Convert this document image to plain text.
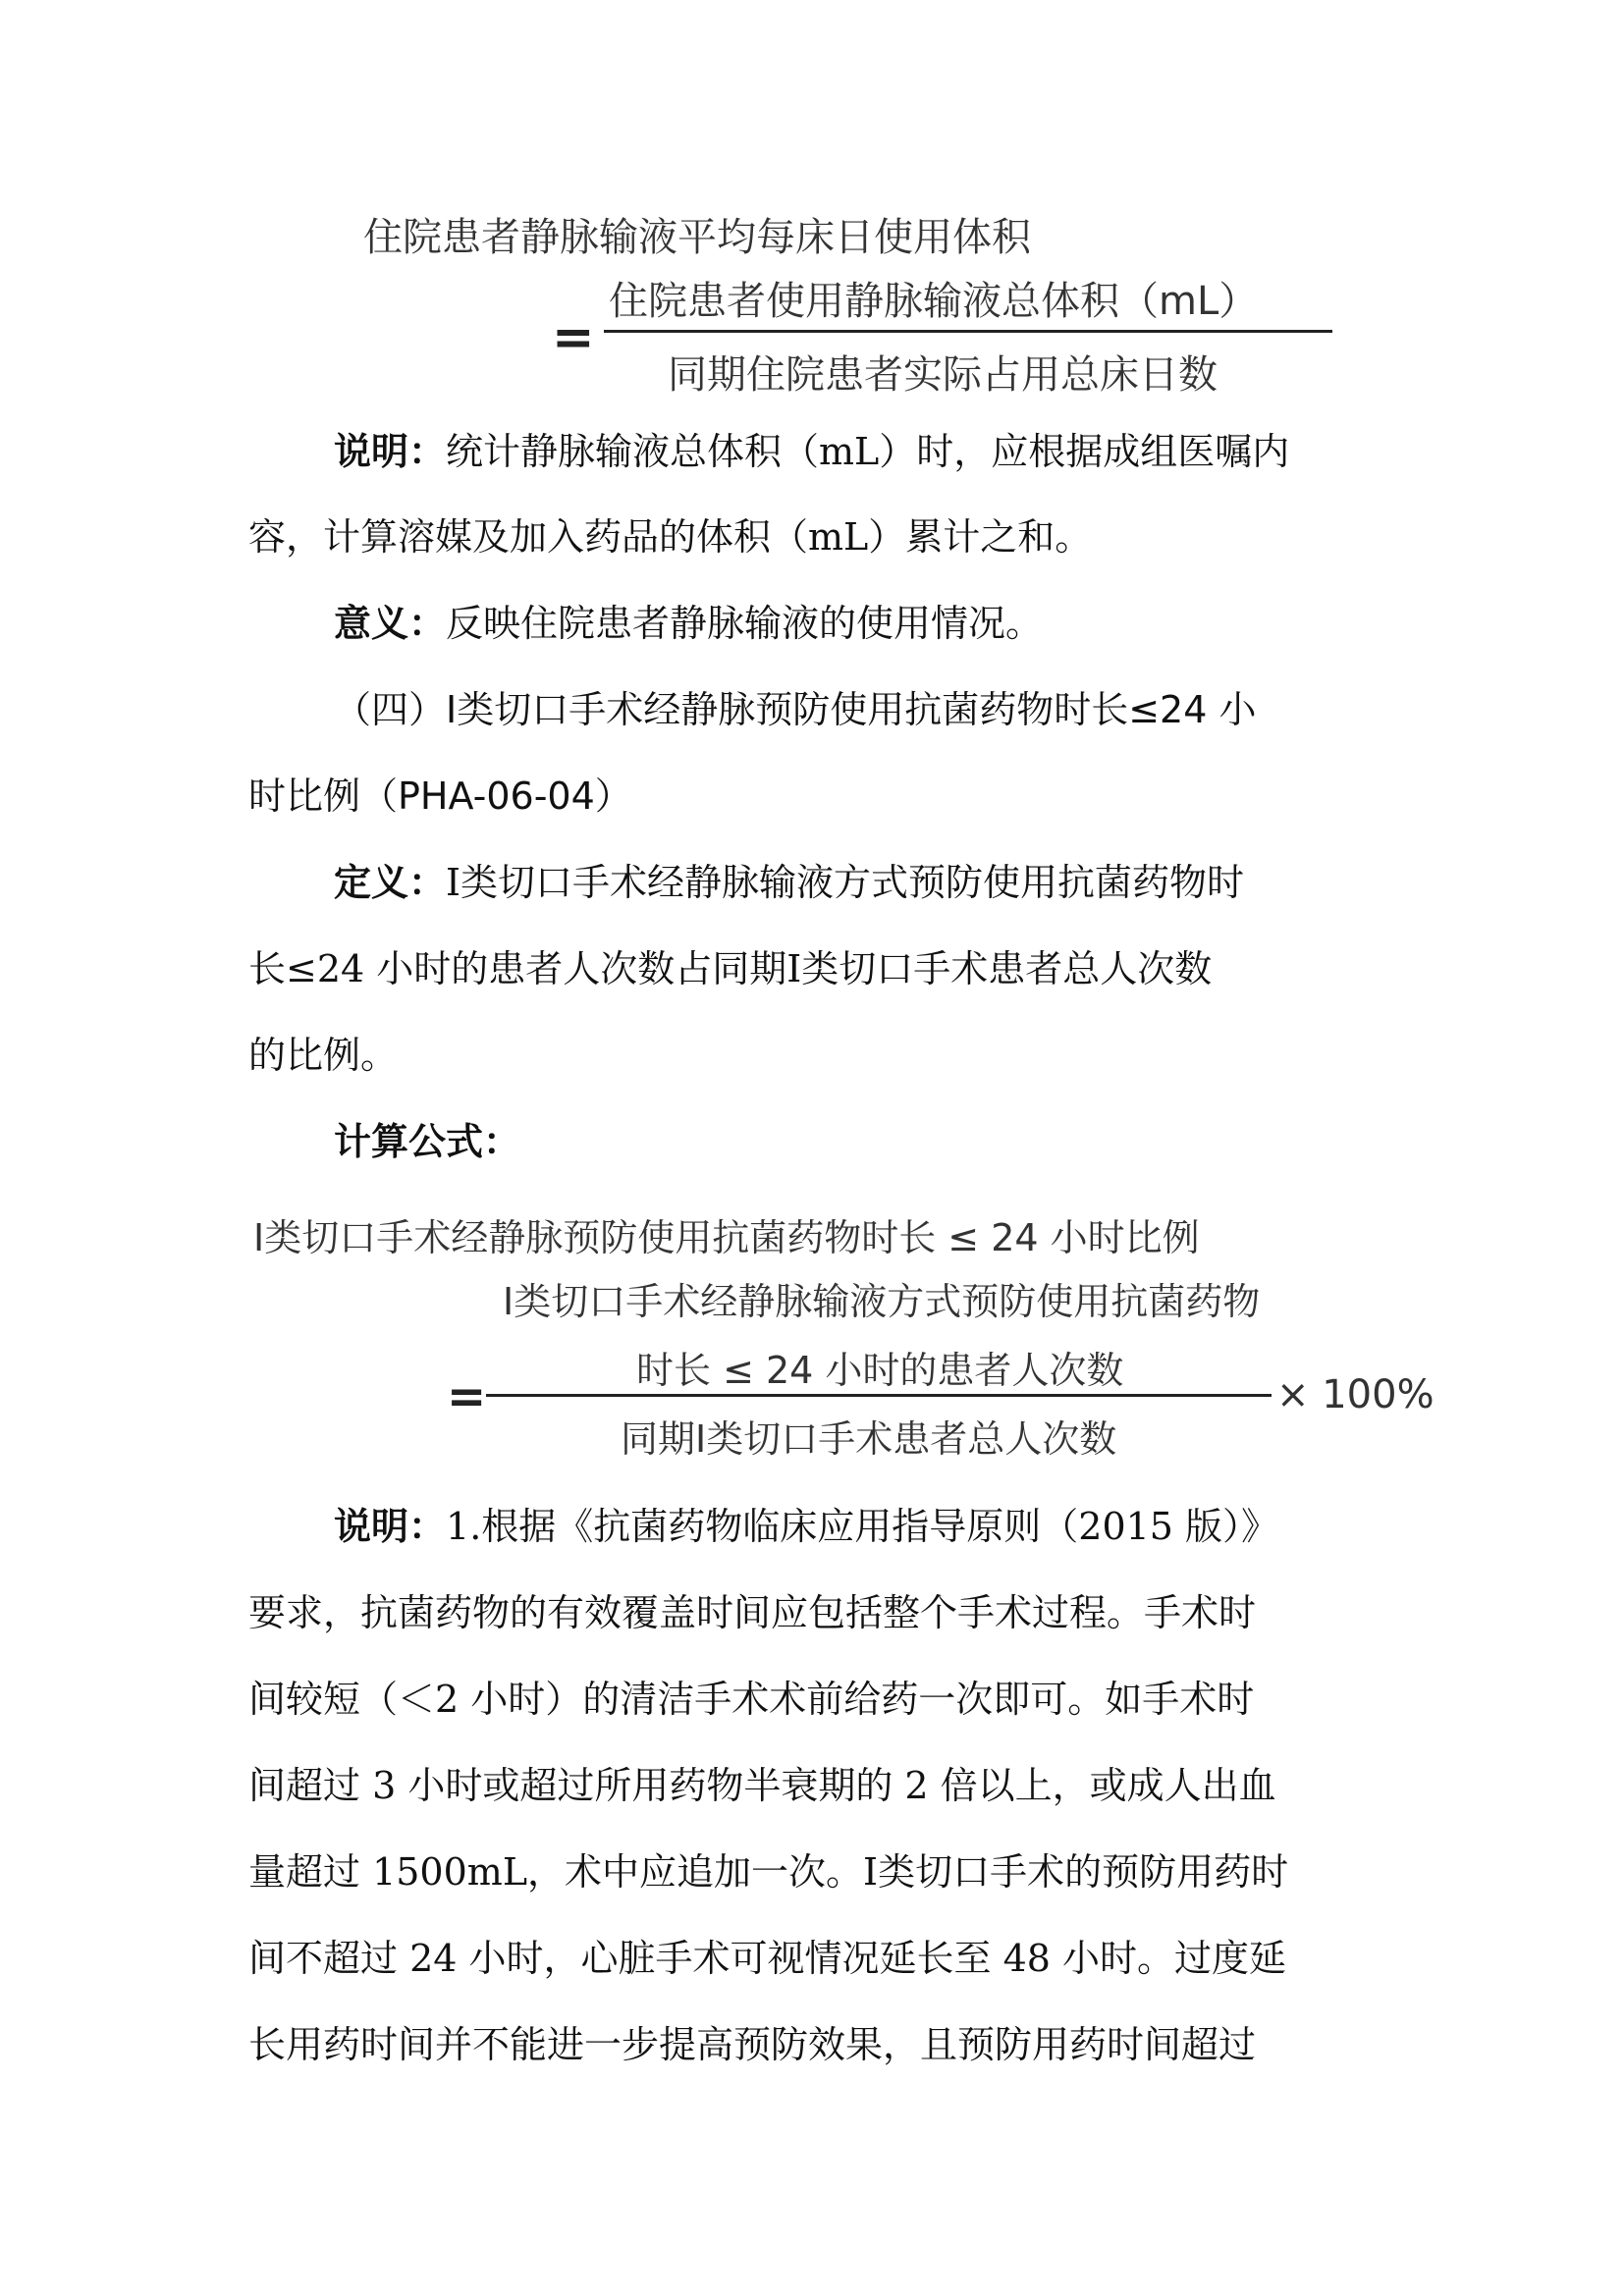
住院患者静脉输液平均每床日使用体积
=
住院患者使用静脉输液总体积（mL）
同期住院患者实际占用总床日数
说明：统计静脉输液总体积（mL）时，应根据成组医嘱内
容，计算溶媒及加入药品的体积（mL）累计之和。
意义：反映住院患者静脉输液的使用情况。
（四）Ⅰ类切口手术经静脉预防使用抗菌药物时长≤24 小
时比例（PHA-06-04）
定义：Ⅰ类切口手术经静脉输液方式预防使用抗菌药物时
长≤24 小时的患者人次数占同期Ⅰ类切口手术患者总人次数
的比例。
计算公式：
Ⅰ类切口手术经静脉预防使用抗菌药物时长 ≤ 24 小时比例
Ⅰ类切口手术经静脉输液方式预防使用抗菌药物
时长 ≤ 24 小时的患者人次数
=
同期Ⅰ类切口手术患者总人次数
× 100%
说明：1.根据《抗菌药物临床应用指导原则（2015 版）》
要求，抗菌药物的有效覆盖时间应包括整个手术过程。手术时
间较短（＜2 小时）的清洁手术术前给药一次即可。如手术时
间超过 3 小时或超过所用药物半衰期的 2 倍以上，或成人出血
量超过 1500mL，术中应追加一次。Ⅰ类切口手术的预防用药时
间不超过 24 小时，心脏手术可视情况延长至 48 小时。过度延
长用药时间并不能进一步提高预防效果，且预防用药时间超过
